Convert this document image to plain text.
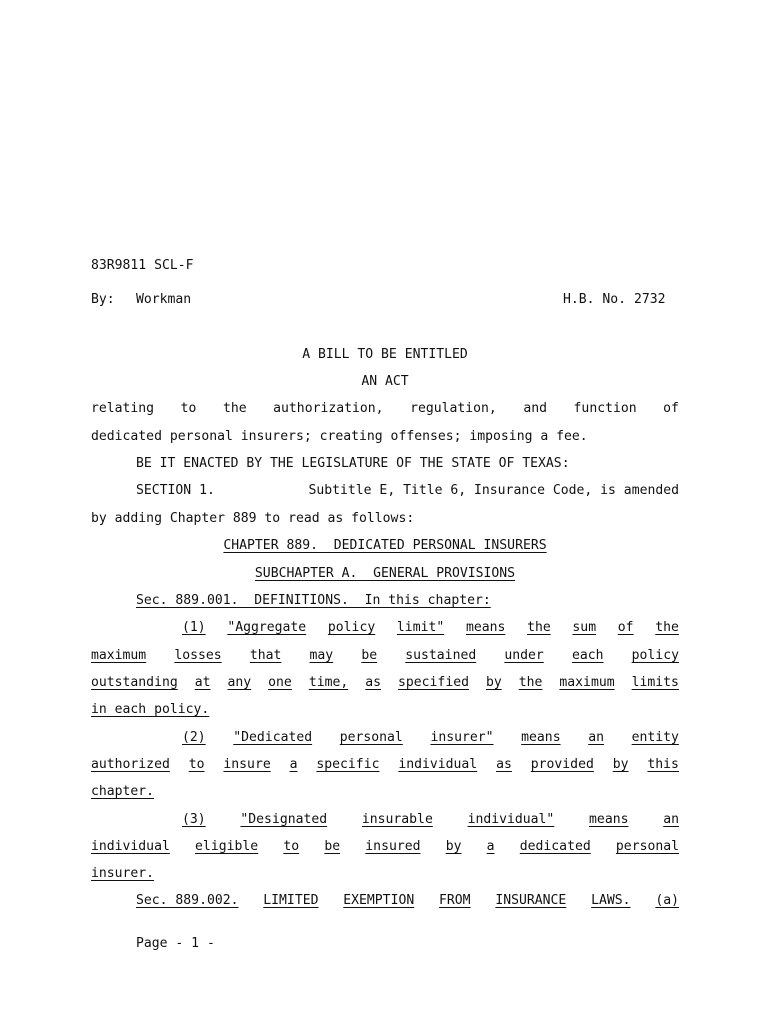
83R9811 SCL-F
By: Workman	H.B. No. 2732
A BILL TO BE ENTITLED
AN ACT
relating to the authorization, regulation, and function of
dedicated personal insurers; creating offenses; imposing a fee.
BE IT ENACTED BY THE LEGISLATURE OF THE STATE OF TEXAS:
SECTION 1.	Subtitle E, Title 6, Insurance Code, is amended
by adding Chapter 889 to read as follows:
CHAPTER 889.  DEDICATED PERSONAL INSURERS
SUBCHAPTER A.  GENERAL PROVISIONS
Sec. 889.001.  DEFINITIONS.  In this chapter:
(1) "Aggregate policy limit" means the sum of the
maximum losses that may be sustained under each policy
outstanding at any one time, as specified by the maximum limits
in each policy.
(2) "Dedicated personal insurer" means an entity
authorized to insure a specific individual as provided by this
chapter.
(3)	"Designated	insurable	individual"	means	an
individual eligible to be insured by a dedicated personal
insurer.
Sec. 889.002. LIMITED EXEMPTION FROM INSURANCE LAWS. (a)
Page - 1 -
